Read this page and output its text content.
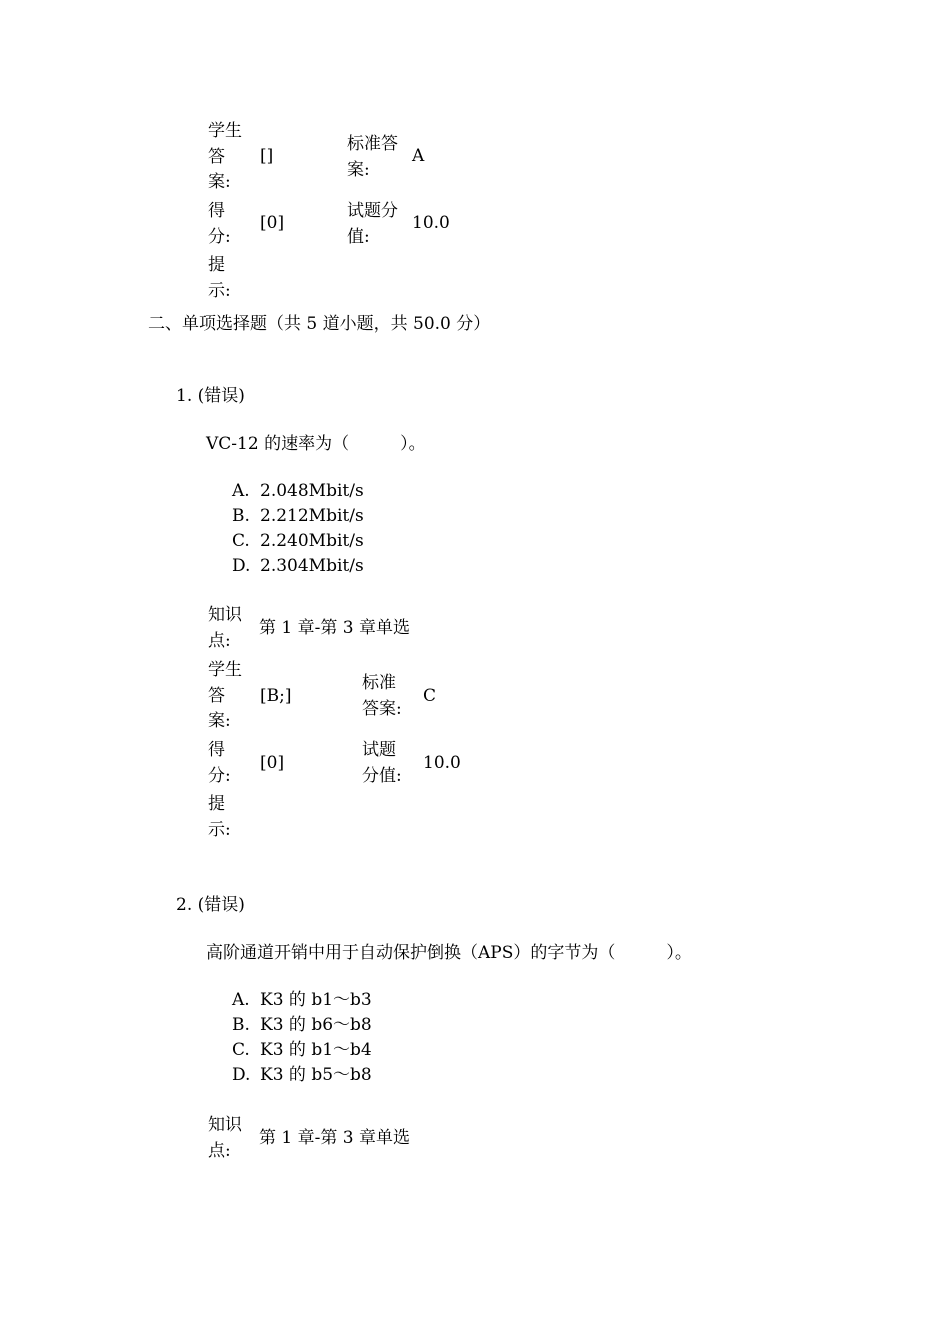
学生
答
案:
[]
标准答
案:
A
得
分:
[0]
试题分
值:
10.0
提
示:
二、单项选择题（共 5 道小题，共 50.0 分）
1. (错误)
VC-12 的速率为（　　　）。
A. 2.048Mbit/s
B. 2.212Mbit/s
C. 2.240Mbit/s
D. 2.304Mbit/s
知识
点:
第 1 章-第 3 章单选
学生
答
案:
[B;]
标准
答案:
C
得
分:
[0]
试题
分值:
10.0
提
示:
2. (错误)
高阶通道开销中用于自动保护倒换（APS）的字节为（　　　）。
A. K3 的 b1～b3
B. K3 的 b6～b8
C. K3 的 b1～b4
D. K3 的 b5～b8
知识
点:
第 1 章-第 3 章单选
